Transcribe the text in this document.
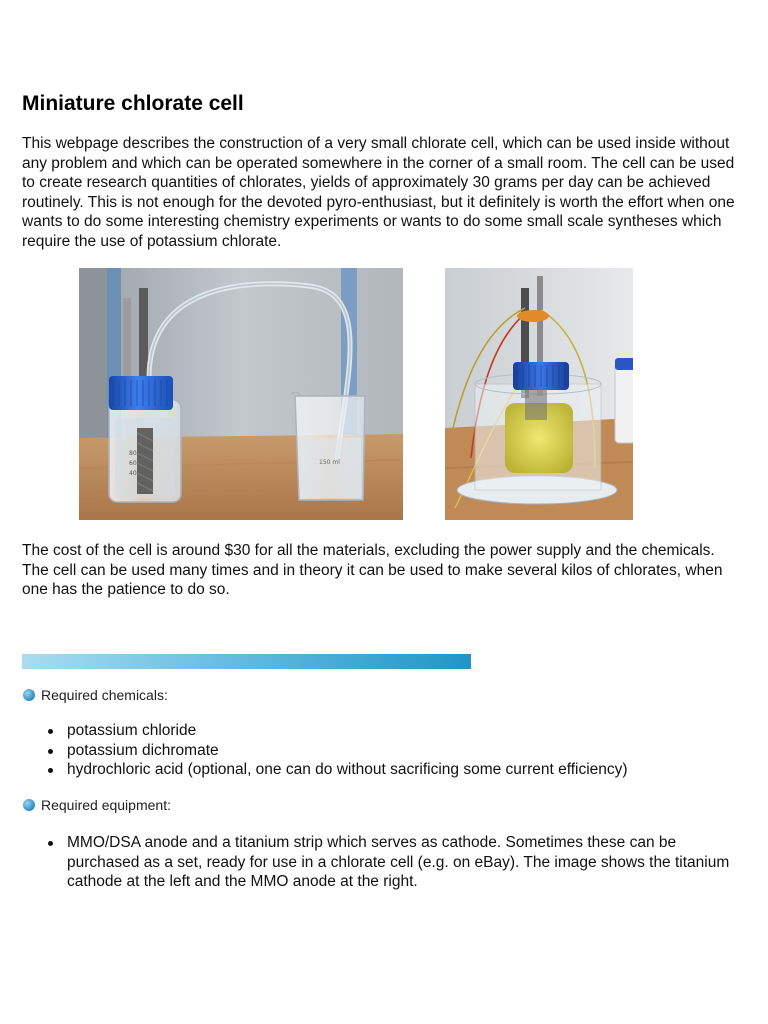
Miniature chlorate cell

This webpage describes the construction of a very small chlorate cell, which can be used inside without any problem and which can be operated somewhere in the corner of a small room. The cell can be used to create research quantities of chlorates, yields of approximately 30 grams per day can be achieved routinely. This is not enough for the devoted pyro-enthusiast, but it definitely is worth the effort when one wants to do some interesting chemistry experiments or wants to do some small scale syntheses which require the use of potassium chlorate.

80
60
40
150 ml

The cost of the cell is around $30 for all the materials, excluding the power supply and the chemicals. The cell can be used many times and in theory it can be used to make several kilos of chlorates, when one has the patience to do so.

Required chemicals:
potassium chloride
potassium dichromate
hydrochloric acid (optional, one can do without sacrificing some current efficiency)
Required equipment:
MMO/DSA anode and a titanium strip which serves as cathode. Sometimes these can be purchased as a set, ready for use in a chlorate cell (e.g. on eBay). The image shows the titanium cathode at the left and the MMO anode at the right.
